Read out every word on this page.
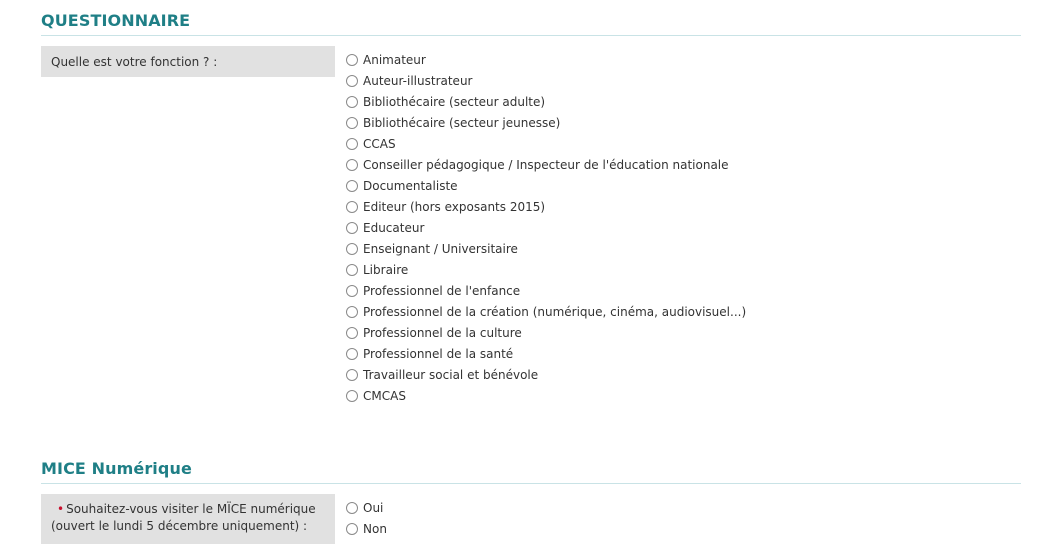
QUESTIONNAIRE
Quelle est votre fonction ? :	Animateur
Auteur-illustrateur
Bibliothécaire (secteur adulte)
Bibliothécaire (secteur jeunesse)
CCAS
Conseiller pédagogique / Inspecteur de l'éducation nationale
Documentaliste
Editeur (hors exposants 2015)
Educateur
Enseignant / Universitaire
Libraire
Professionnel de l'enfance
Professionnel de la création (numérique, cinéma, audiovisuel...)
Professionnel de la culture
Professionnel de la santé
Travailleur social et bénévole
CMCAS
MICE Numérique
• Souhaitez-vous visiter le MÏCE numérique
(ouvert le lundi 5 décembre uniquement) :
Oui
Non
